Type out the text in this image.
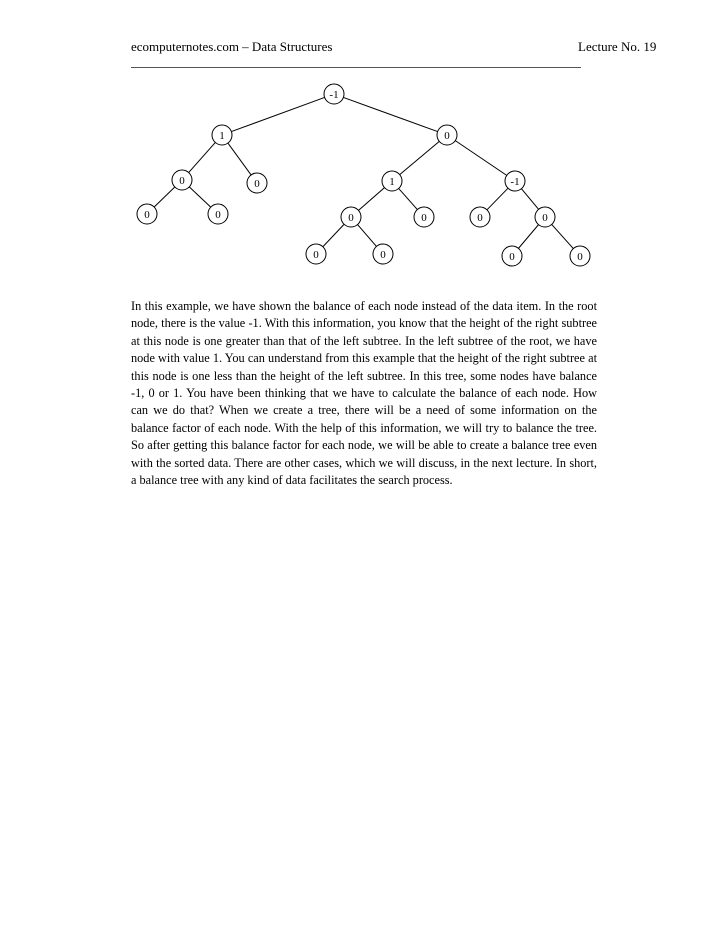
ecomputernotes.com – Data Structures	Lecture No. 19
-1
1	0
0	0
0	0
1	-1
0	0
0	0
0	0
0	0

In this example, we have shown the balance of each node instead of the data item. In the root node, there is the value -1. With this information, you know that the height of the right subtree at this node is one greater than that of the left subtree. In the left subtree of the root, we have node with value 1. You can understand from this example that the height of the right subtree at this node is one less than the height of the left subtree. In this tree, some nodes have balance -1, 0 or 1. You have been thinking that we have to calculate the balance of each node. How can we do that? When we create a tree, there will be a need of some information on the balance factor of each node. With the help of this information, we will try to balance the tree. So after getting this balance factor for each node, we will be able to create a balance tree even with the sorted data. There are other cases, which we will discuss, in the next lecture. In short, a balance tree with any kind of data facilitates the search process.
